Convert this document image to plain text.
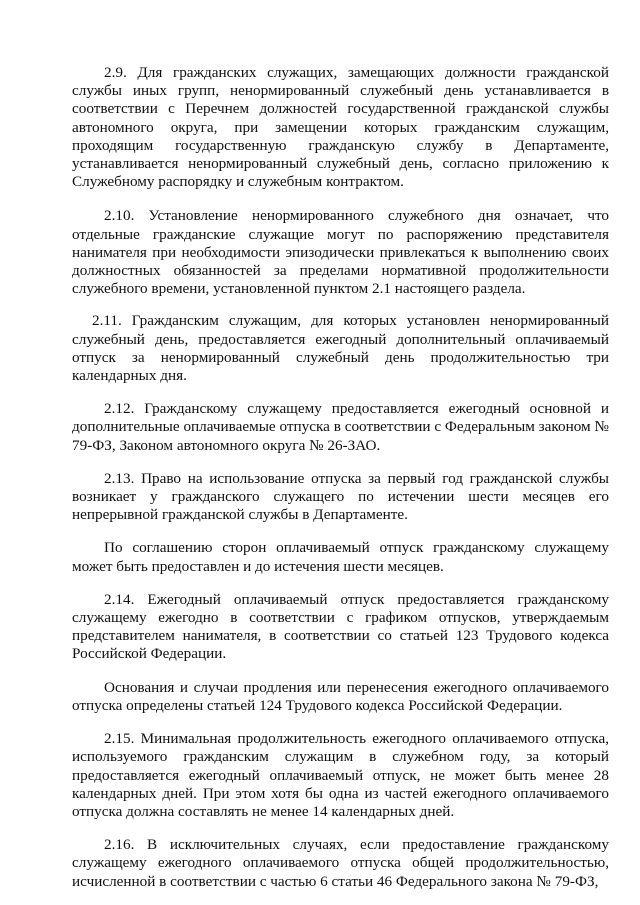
2.9. Для гражданских служащих, замещающих должности гражданской службы иных групп, ненормированный служебный день устанавливается в соответствии с Перечнем должностей государственной гражданской службы автономного округа, при замещении которых гражданским служащим, проходящим государственную гражданскую службу в Департаменте, устанавливается ненормированный служебный день, согласно приложению к Служебному распорядку и служебным контрактом.

2.10. Установление ненормированного служебного дня означает, что отдельные гражданские служащие могут по распоряжению представителя нанимателя при необходимости эпизодически привлекаться к выполнению своих должностных обязанностей за пределами нормативной продолжительности служебного времени, установленной пунктом 2.1 настоящего раздела.

2.11. Гражданским служащим, для которых установлен ненормированный служебный день, предоставляется ежегодный дополнительный оплачиваемый отпуск за ненормированный служебный день продолжительностью три календарных дня.

2.12. Гражданскому служащему предоставляется ежегодный основной и дополнительные оплачиваемые отпуска в соответствии с Федеральным законом № 79-ФЗ, Законом автономного округа № 26-ЗАО.

2.13. Право на использование отпуска за первый год гражданской службы возникает у гражданского служащего по истечении шести месяцев его непрерывной гражданской службы в Департаменте.

По соглашению сторон оплачиваемый отпуск гражданскому служащему может быть предоставлен и до истечения шести месяцев.

2.14. Ежегодный оплачиваемый отпуск предоставляется гражданскому служащему ежегодно в соответствии с графиком отпусков, утверждаемым представителем нанимателя, в соответствии со статьей 123 Трудового кодекса Российской Федерации.

Основания и случаи продления или перенесения ежегодного оплачиваемого отпуска определены статьей 124 Трудового кодекса Российской Федерации.

2.15. Минимальная продолжительность ежегодного оплачиваемого отпуска, используемого гражданским служащим в служебном году, за который предоставляется ежегодный оплачиваемый отпуск, не может быть менее 28 календарных дней. При этом хотя бы одна из частей ежегодного оплачиваемого отпуска должна составлять не менее 14 календарных дней.

2.16. В исключительных случаях, если предоставление гражданскому служащему ежегодного оплачиваемого отпуска общей продолжительностью, исчисленной в соответствии с частью 6 статьи 46 Федерального закона № 79-ФЗ,
